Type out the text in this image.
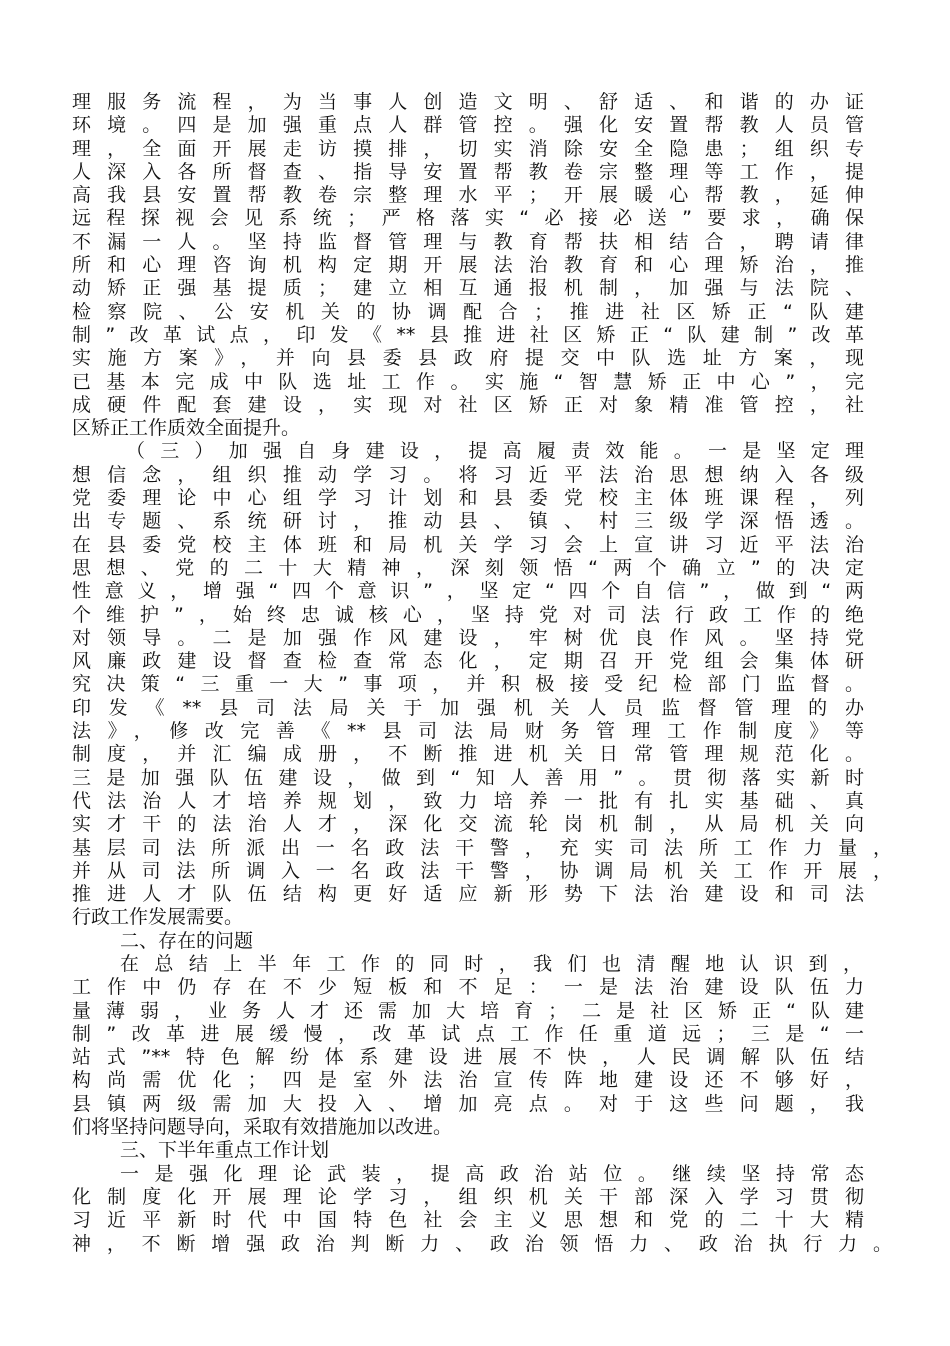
理服务流程，为当事人创造文明、舒适、和谐的办证
环境。四是加强重点人群管控。强化安置帮教人员管
理，全面开展走访摸排，切实消除安全隐患；组织专
人深入各所督查、指导安置帮教卷宗整理等工作，提
高我县安置帮教卷宗整理水平；开展暖心帮教，延伸
远程探视会见系统；严格落实“必接必送”要求，确保
不漏一人。坚持监督管理与教育帮扶相结合，聘请律
所和心理咨询机构定期开展法治教育和心理矫治，推
动矫正强基提质；建立相互通报机制，加强与法院、
检察院、公安机关的协调配合；推进社区矫正“队建
制”改革试点，印发《**县推进社区矫正“队建制”改革
实施方案》，并向县委县政府提交中队选址方案，现
已基本完成中队选址工作。实施“智慧矫正中心”，完
成硬件配套建设，实现对社区矫正对象精准管控，社
区矫正工作质效全面提升。
（三）加强自身建设，提高履责效能。一是坚定理
想信念，组织推动学习。将习近平法治思想纳入各级
党委理论中心组学习计划和县委党校主体班课程，列
出专题、系统研讨，推动县、镇、村三级学深悟透。
在县委党校主体班和局机关学习会上宣讲习近平法治
思想、党的二十大精神，深刻领悟“两个确立”的决定
性意义，增强“四个意识”，坚定“四个自信”，做到“两
个维护”，始终忠诚核心，坚持党对司法行政工作的绝
对领导。二是加强作风建设，牢树优良作风。坚持党
风廉政建设督查检查常态化，定期召开党组会集体研
究决策“三重一大”事项，并积极接受纪检部门监督。
印发《**县司法局关于加强机关人员监督管理的办
法》，修改完善《**县司法局财务管理工作制度》等
制度，并汇编成册，不断推进机关日常管理规范化。
三是加强队伍建设，做到“知人善用”。贯彻落实新时
代法治人才培养规划，致力培养一批有扎实基础、真
实才干的法治人才，深化交流轮岗机制，从局机关向
基层司法所派出一名政法干警，充实司法所工作力量，
并从司法所调入一名政法干警，协调局机关工作开展，
推进人才队伍结构更好适应新形势下法治建设和司法
行政工作发展需要。
二、存在的问题
在总结上半年工作的同时，我们也清醒地认识到，
工作中仍存在不少短板和不足：一是法治建设队伍力
量薄弱，业务人才还需加大培育；二是社区矫正“队建
制”改革进展缓慢，改革试点工作任重道远；三是“一
站式”**特色解纷体系建设进展不快，人民调解队伍结
构尚需优化；四是室外法治宣传阵地建设还不够好，
县镇两级需加大投入、增加亮点。对于这些问题，我
们将坚持问题导向，采取有效措施加以改进。
三、下半年重点工作计划
一是强化理论武装，提高政治站位。继续坚持常态
化制度化开展理论学习，组织机关干部深入学习贯彻
习近平新时代中国特色社会主义思想和党的二十大精
神，不断增强政治判断力、政治领悟力、政治执行力。
